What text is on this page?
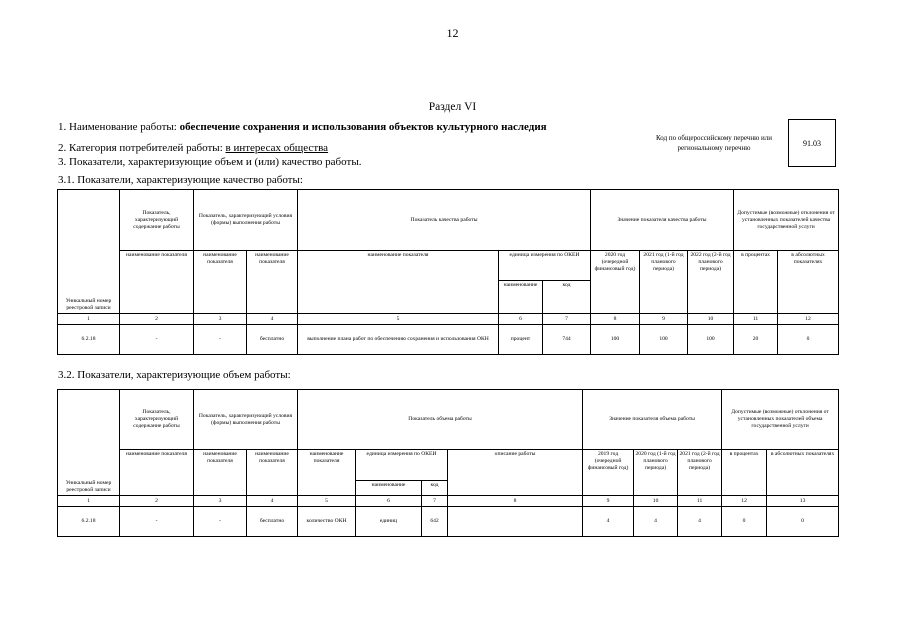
12
Раздел VI
1. Наименование работы: обеспечение сохранения и использования объектов культурного наследия
2. Категория потребителей работы: в интересах общества
3. Показатели, характеризующие объем и (или) качество работы.
3.1. Показатели, характеризующие качество работы:
Код по общероссийскому перечню или региональному перечню
91.03
Уникальный номер реестровой записи	Показатель, характеризующий содержание работы	Показатель, характеризующий условия (формы) выполнения работы		Показатель качества работы			Значение показателя качества работы			Допустимые (возможные) отклонения от установленных показателей качества государственной услуги	
	наименование показателя	наименование показателя	наименование показателя	наименование показателя	единица измерения по ОКЕИ		2020 год (очередной финансовый год)	2021 год (1-й год планового периода)	2022 год (2-й год планового периода)	в процентах	в абсолютных показателях
					наименование	код					
1	2	3	4	5	6	7	8	9	10	11	12
6.2.18	-	-	бесплатно	выполнение плана работ по обеспечению сохранения и использования ОКН	процент	744	100	100	100	20	0
3.2. Показатели, характеризующие объем работы:
Уникальный номер реестровой записи	Показатель, характеризующий содержание работы	Показатель, характеризующий условия (формы) выполнения работы		Показатель объема работы				Значение показателя объема работы			Допустимые (возможные) отклонения от установленных показателей объема государственной услуги	
	наименование показателя	наименование показателя	наименование показателя	наименование показателя	единица измерения по ОКЕИ		описание работы	2019 год (очередной финансовый год)	2020 год (1-й год планового периода)	2021 год (2-й год планового периода)	в процентах	в абсолютных показателях
					наименование	код						
1	2	3	4	5	6	7	8	9	10	11	12	13
6.2.18	-	-	бесплатно	количество ОКН	единиц	642		4	4	4	0	0
